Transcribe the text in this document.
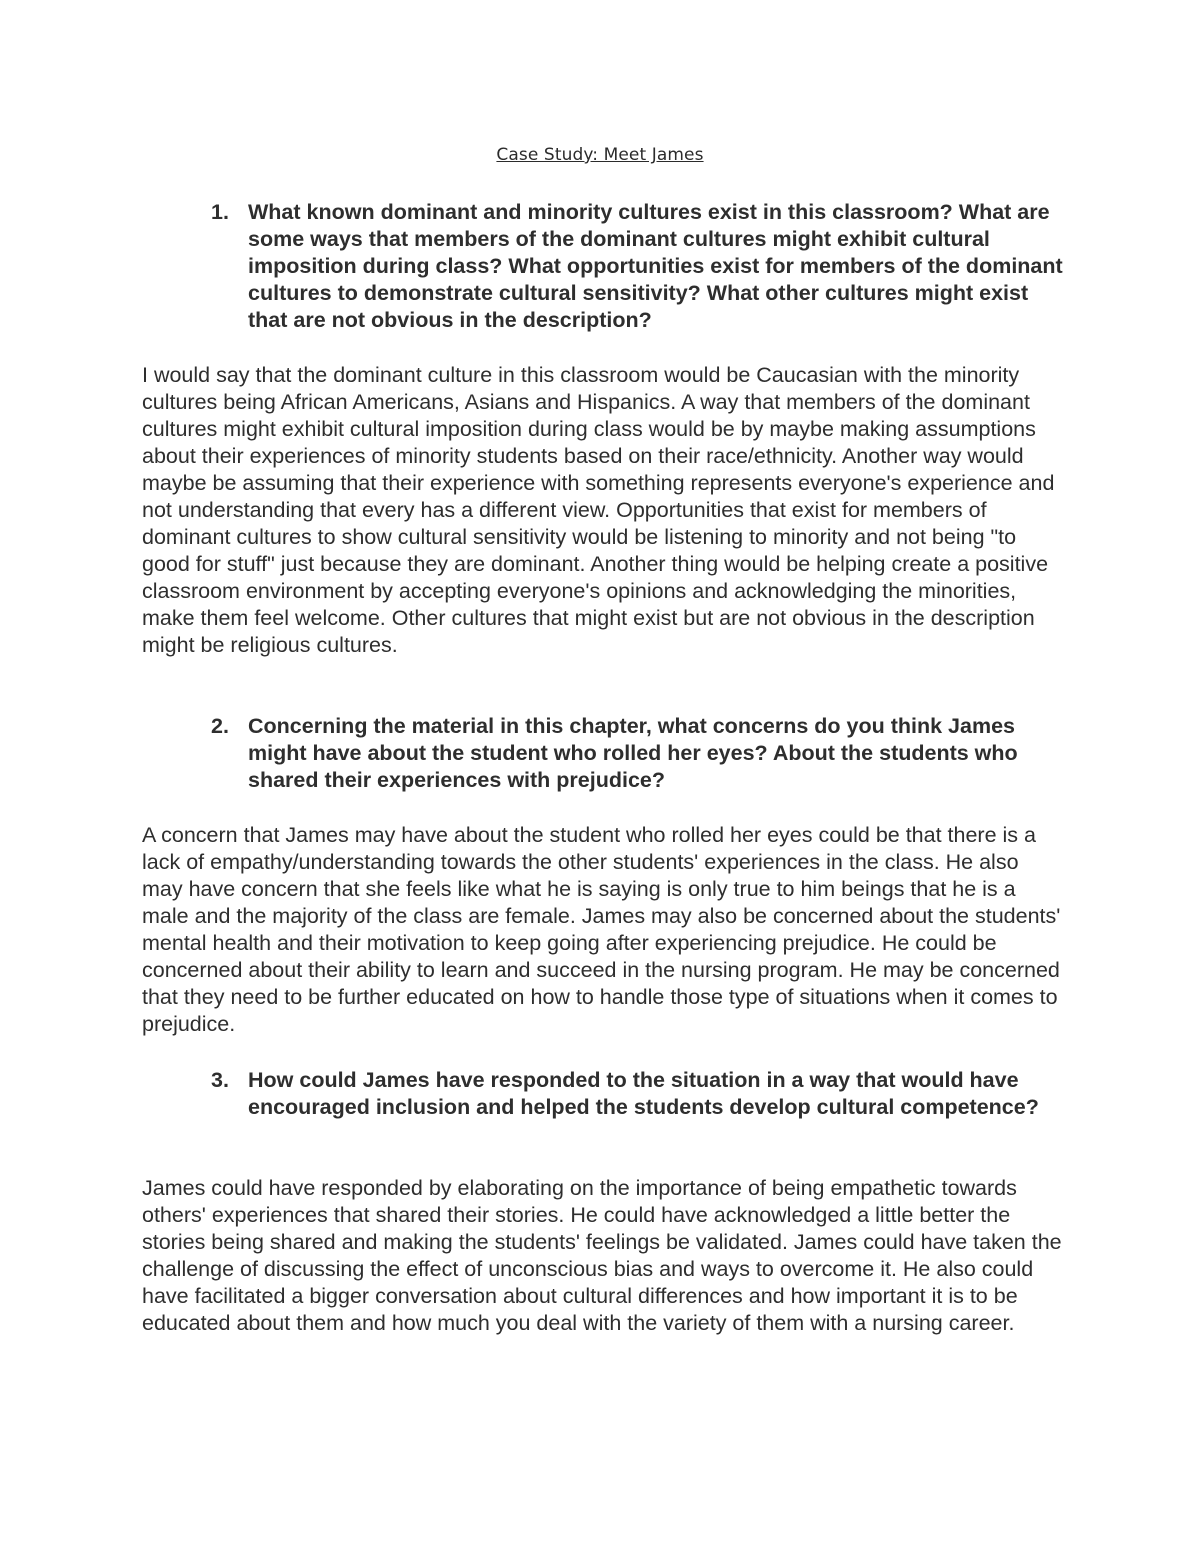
Case Study: Meet James
1. What known dominant and minority cultures exist in this classroom? What are some ways that members of the dominant cultures might exhibit cultural imposition during class? What opportunities exist for members of the dominant cultures to demonstrate cultural sensitivity? What other cultures might exist that are not obvious in the description?
I would say that the dominant culture in this classroom would be Caucasian with the minority cultures being African Americans, Asians and Hispanics. A way that members of the dominant cultures might exhibit cultural imposition during class would be by maybe making assumptions about their experiences of minority students based on their race/ethnicity. Another way would maybe be assuming that their experience with something represents everyone's experience and not understanding that every has a different view. Opportunities that exist for members of dominant cultures to show cultural sensitivity would be listening to minority and not being "to good for stuff" just because they are dominant. Another thing would be helping create a positive classroom environment by accepting everyone's opinions and acknowledging the minorities, make them feel welcome. Other cultures that might exist but are not obvious in the description might be religious cultures.
2. Concerning the material in this chapter, what concerns do you think James might have about the student who rolled her eyes? About the students who shared their experiences with prejudice?
A concern that James may have about the student who rolled her eyes could be that there is a lack of empathy/understanding towards the other students' experiences in the class. He also may have concern that she feels like what he is saying is only true to him beings that he is a male and the majority of the class are female. James may also be concerned about the students' mental health and their motivation to keep going after experiencing prejudice. He could be concerned about their ability to learn and succeed in the nursing program. He may be concerned that they need to be further educated on how to handle those type of situations when it comes to prejudice.
3. How could James have responded to the situation in a way that would have encouraged inclusion and helped the students develop cultural competence?
James could have responded by elaborating on the importance of being empathetic towards others' experiences that shared their stories. He could have acknowledged a little better the stories being shared and making the students' feelings be validated. James could have taken the challenge of discussing the effect of unconscious bias and ways to overcome it. He also could have facilitated a bigger conversation about cultural differences and how important it is to be educated about them and how much you deal with the variety of them with a nursing career.
